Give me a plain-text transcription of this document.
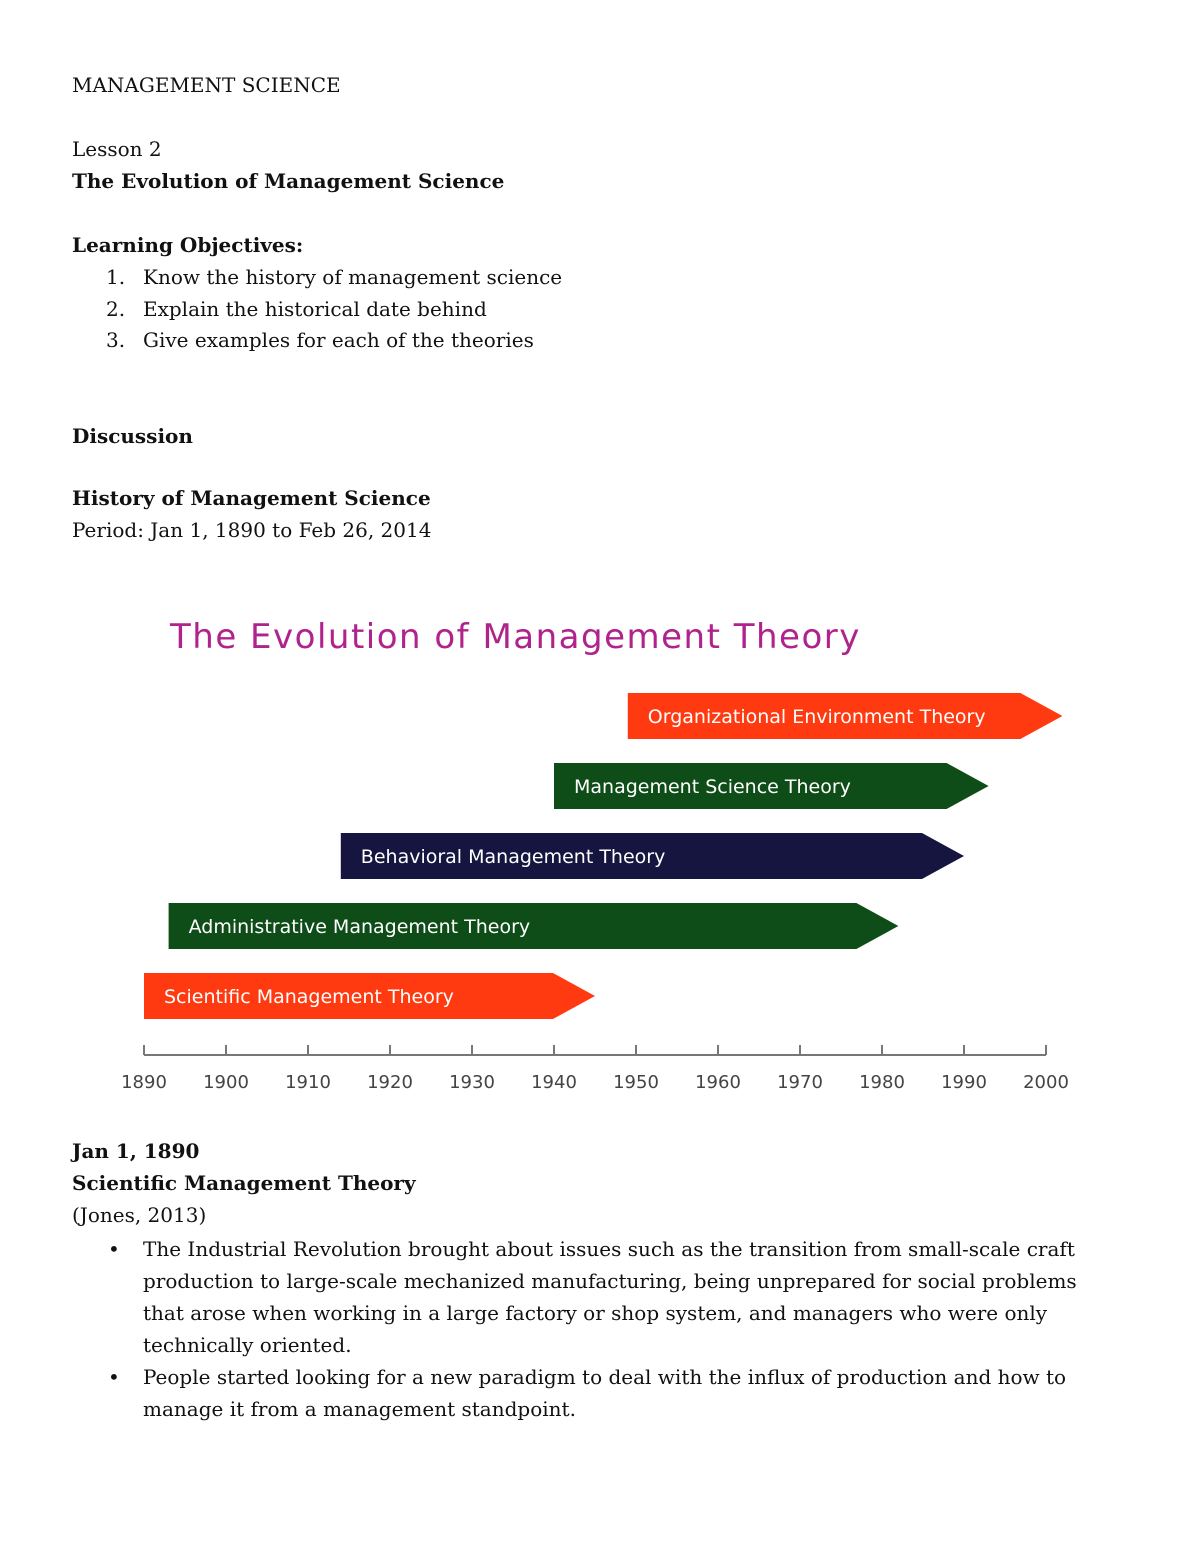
MANAGEMENT SCIENCE
Lesson 2
The Evolution of Management Science
Learning Objectives:
1. Know the history of management science
2. Explain the historical date behind
3. Give examples for each of the theories
Discussion
History of Management Science
Period: Jan 1, 1890 to Feb 26, 2014
The Evolution of Management Theory
Organizational Environment Theory
Management Science Theory
Behavioral Management Theory
Administrative Management Theory
Scientific Management Theory
1890 1900 1910 1920 1930 1940 1950 1960 1970 1980 1990 2000
Jan 1, 1890
Scientific Management Theory
(Jones, 2013)
• The Industrial Revolution brought about issues such as the transition from small-scale craft production to large-scale mechanized manufacturing, being unprepared for social problems that arose when working in a large factory or shop system, and managers who were only technically oriented.
• People started looking for a new paradigm to deal with the influx of production and how to manage it from a management standpoint.
